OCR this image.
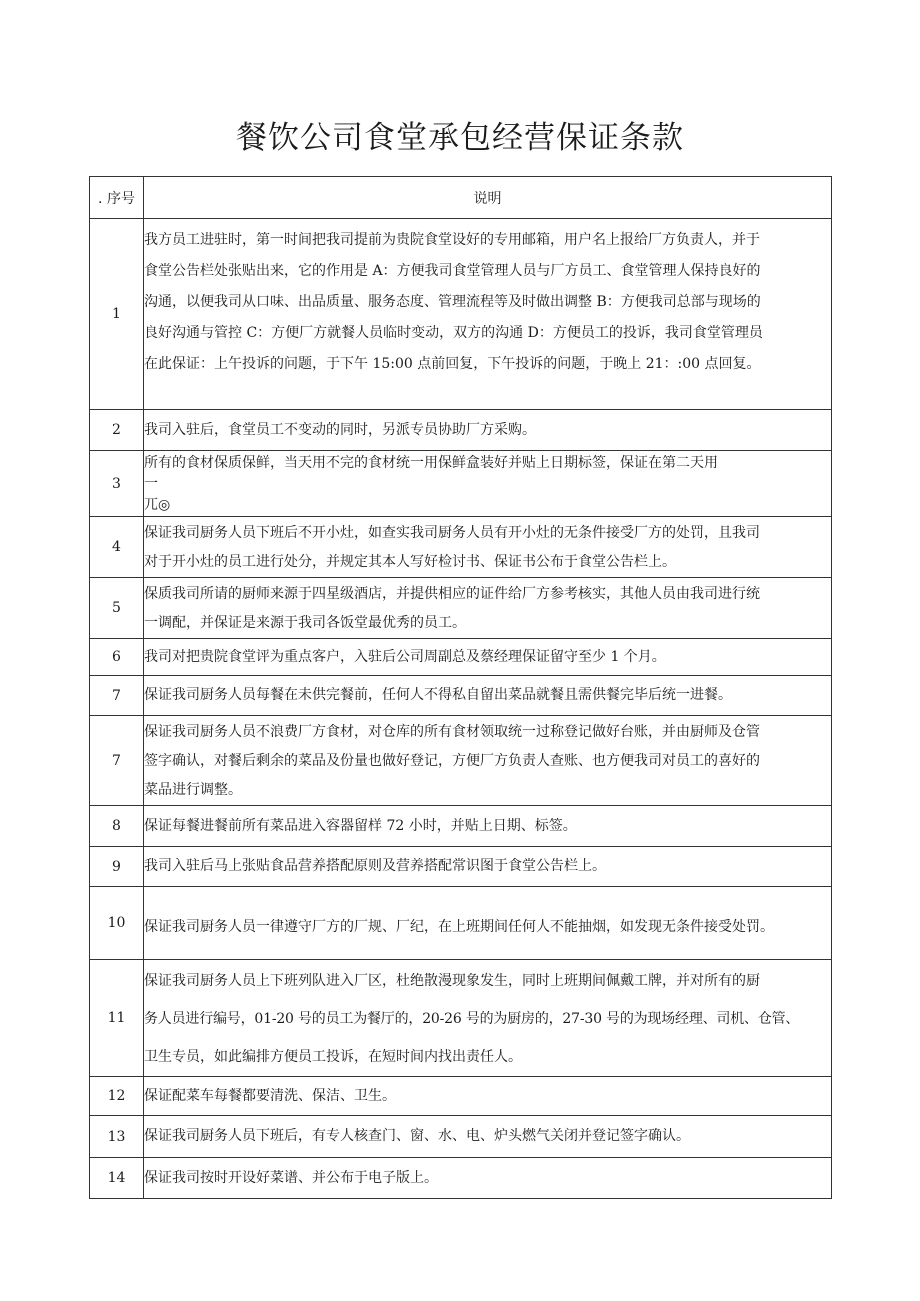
餐饮公司食堂承包经营保证条款
. 序号	说明
1	我方员工进驻时，第一时间把我司提前为贵院食堂设好的专用邮箱，用户名上报给厂方负责人，并于
食堂公告栏处张贴出来，它的作用是 A：方便我司食堂管理人员与厂方员工、食堂管理人保持良好的
沟通，以便我司从口味、出品质量、服务态度、管理流程等及时做出调整 B：方便我司总部与现场的
良好沟通与管控 C：方便厂方就餐人员临时变动，双方的沟通 D：方便员工的投诉，我司食堂管理员
在此保证：上午投诉的问题，于下午 15:00 点前回复，下午投诉的问题，于晚上 21：:00 点回复。

2	我司入驻后，食堂员工不变动的同时，另派专员协助厂方采购。

3	所有的食材保质保鲜，当天用不完的食材统一用保鲜盒装好并贴上日期标签，保证在第二天用
一
兀◎

4	保证我司厨务人员下班后不开小灶，如查实我司厨务人员有开小灶的无条件接受厂方的处罚，且我司
对于开小灶的员工进行处分，并规定其本人写好检讨书、保证书公布于食堂公告栏上。

5	保质我司所请的厨师来源于四星级酒店，并提供相应的证件给厂方参考核实，其他人员由我司进行统
一调配，并保证是来源于我司各饭堂最优秀的员工。

6	我司对把贵院食堂评为重点客户，入驻后公司周副总及蔡经理保证留守至少 1 个月。

7	保证我司厨务人员每餐在未供完餐前，任何人不得私自留出菜品就餐且需供餐完毕后统一进餐。

7	保证我司厨务人员不浪费厂方食材，对仓库的所有食材领取统一过称登记做好台账，并由厨师及仓管
签字确认，对餐后剩余的菜品及份量也做好登记，方便厂方负责人查账、也方便我司对员工的喜好的
菜品进行调整。

8	保证每餐进餐前所有菜品进入容器留样 72 小时，并贴上日期、标签。

9	我司入驻后马上张贴食品营养搭配原则及营养搭配常识图于食堂公告栏上。

10	保证我司厨务人员一律遵守厂方的厂规、厂纪，在上班期间任何人不能抽烟，如发现无条件接受处罚。

11	保证我司厨务人员上下班列队进入厂区，杜绝散漫现象发生，同时上班期间佩戴工牌，并对所有的厨
务人员进行编号，01-20 号的员工为餐厅的，20-26 号的为厨房的，27-30 号的为现场经理、司机、仓管、
卫生专员，如此编排方便员工投诉，在短时间内找出责任人。

12	保证配菜车每餐都要清洗、保洁、卫生。

13	保证我司厨务人员下班后，有专人核查门、窗、水、电、炉头燃气关闭并登记签字确认。

14	保证我司按时开设好菜谱、并公布于电子版上。
